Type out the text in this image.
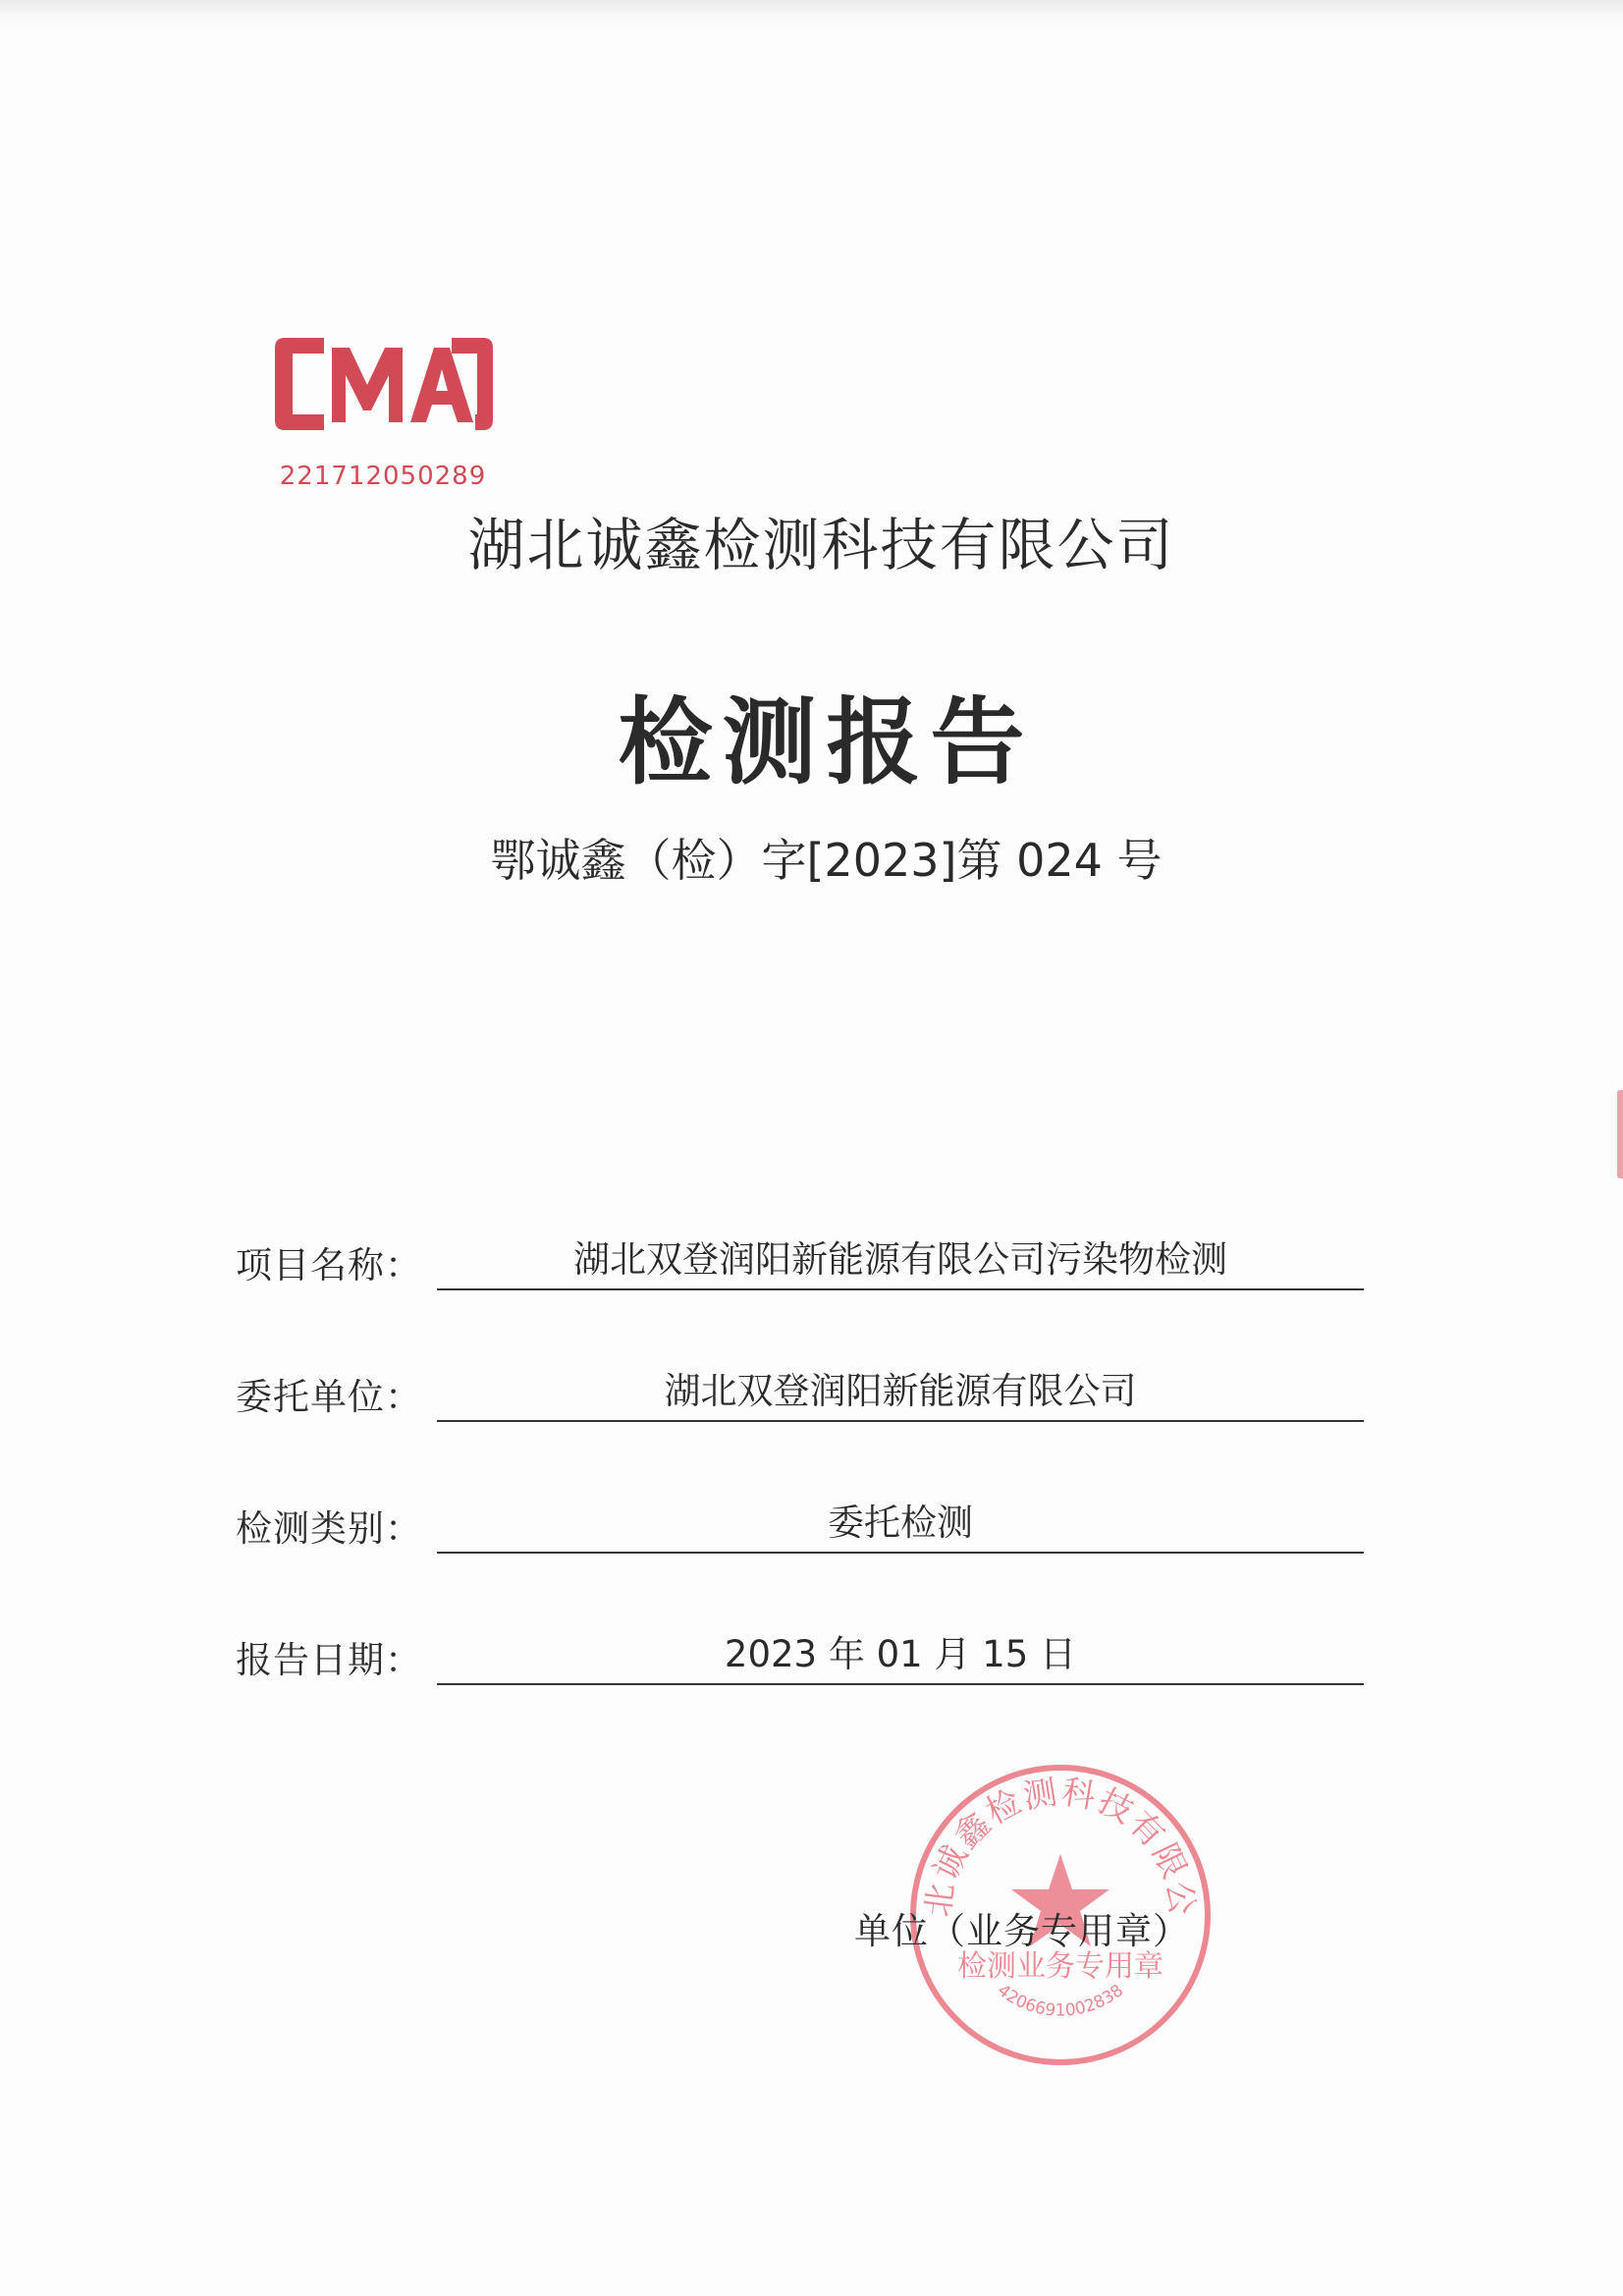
221712050289
湖北诚鑫检测科技有限公司
检测报告
鄂诚鑫（检）字[2023]第 024 号
项目名称：	湖北双登润阳新能源有限公司污染物检测
委托单位：	湖北双登润阳新能源有限公司
检测类别：	委托检测
报告日期：	2023 年 01 月 15 日
北诚鑫检测科技有限公
检测业务专用章
4206691002838
单位（业务专用章）
